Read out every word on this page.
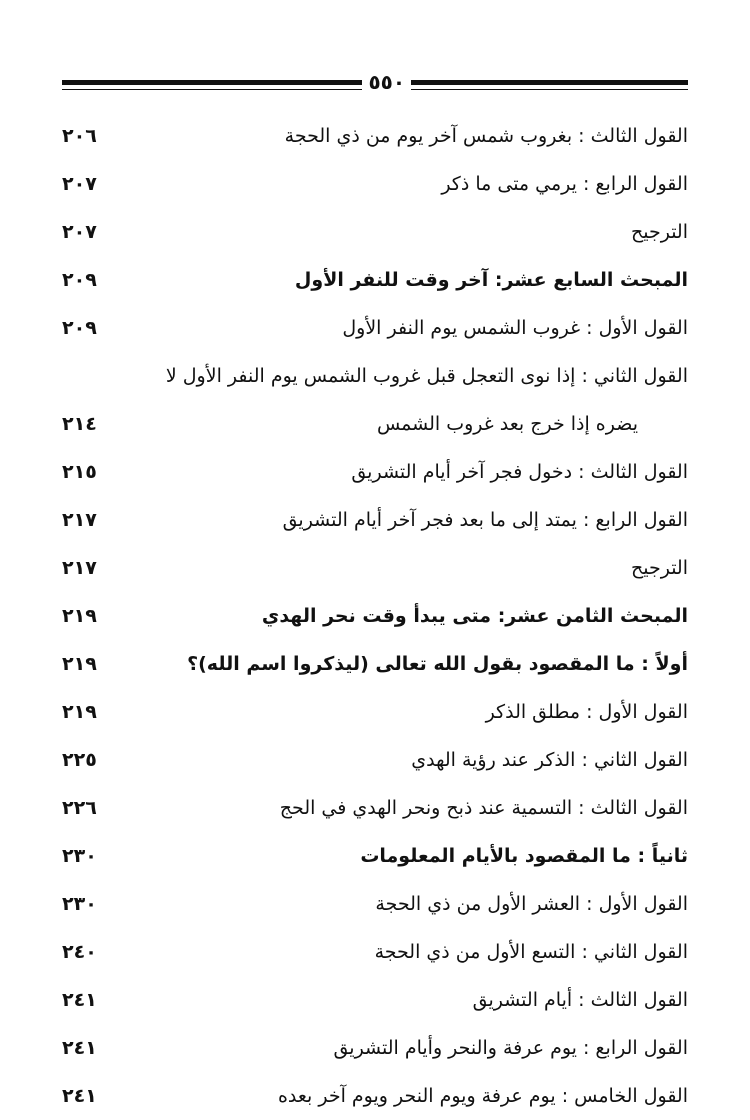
٥٥٠
القول الثالث : بغروب شمس آخر يوم من ذي الحجة
٢٠٦
القول الرابع : يرمي متى ما ذكر
٢٠٧
الترجيح
٢٠٧
المبحث السابع عشر: آخر وقت للنفر الأول
٢٠٩
القول الأول : غروب الشمس يوم النفر الأول
٢٠٩
القول الثاني : إذا نوى التعجل قبل غروب الشمس يوم النفر الأول لا
يضره إذا خرج بعد غروب الشمس
٢١٤
القول الثالث : دخول فجر آخر أيام التشريق
٢١٥
القول الرابع : يمتد إلى ما بعد فجر آخر أيام التشريق
٢١٧
الترجيح
٢١٧
المبحث الثامن عشر: متى يبدأ وقت نحر الهدي
٢١٩
أولاً : ما المقصود بقول الله تعالى (ليذكروا اسم الله)؟
٢١٩
القول الأول : مطلق الذكر
٢١٩
القول الثاني : الذكر عند رؤية الهدي
٢٢٥
القول الثالث : التسمية عند ذبح ونحر الهدي في الحج
٢٢٦
ثانياً : ما المقصود بالأيام المعلومات
٢٣٠
القول الأول : العشر الأول من ذي الحجة
٢٣٠
القول الثاني : التسع الأول من ذي الحجة
٢٤٠
القول الثالث : أيام التشريق
٢٤١
القول الرابع : يوم عرفة والنحر وأيام التشريق
٢٤١
القول الخامس : يوم عرفة ويوم النحر ويوم آخر بعده
٢٤١
